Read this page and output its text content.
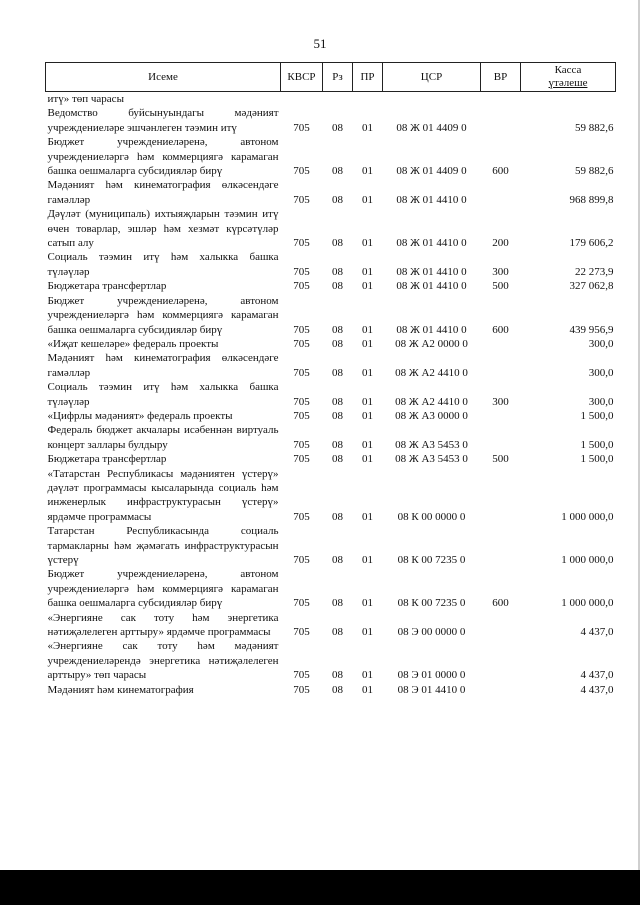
51
Исеме	КВСР	Рз	ПР	ЦСР	ВР	Касса
үтәлеше

итү» төп чарасы						
Ведомство буйсынуындагы мәдәният учреждениеләре эшчәнлеген тәэмин итү	705	08	01	08 Ж 01 4409 0		59 882,6
Бюджет учреждениеләренә, автоном учреждениеләргә һәм коммерциягә карамаган башка оешмаларга субсидияләр бирү	705	08	01	08 Ж 01 4409 0	600	59 882,6
Мәдәният һәм кинематография өлкәсендәге гамәлләр	705	08	01	08 Ж 01 4410 0		968 899,8
Дәүләт (муниципаль) ихтыяҗларын тәэмин итү өчен товарлар, эшләр һәм хезмәт күрсәтүләр сатып алу	705	08	01	08 Ж 01 4410 0	200	179 606,2
Социаль тәэмин итү һәм халыкка башка түләүләр	705	08	01	08 Ж 01 4410 0	300	22 273,9
Бюджетара трансфертлар	705	08	01	08 Ж 01 4410 0	500	327 062,8
Бюджет учреждениеләренә, автоном учреждениеләргә һәм коммерциягә карамаган башка оешмаларга субсидияләр бирү	705	08	01	08 Ж 01 4410 0	600	439 956,9
«Иҗат кешеләре» федераль проекты	705	08	01	08 Ж А2 0000 0		300,0
Мәдәният һәм кинематография өлкәсендәге гамәлләр	705	08	01	08 Ж А2 4410 0		300,0
Социаль тәэмин итү һәм халыкка башка түләүләр	705	08	01	08 Ж А2 4410 0	300	300,0
«Цифрлы мәдәният» федераль проекты	705	08	01	08 Ж А3 0000 0		1 500,0
Федераль бюджет акчалары исәбеннән виртуаль концерт заллары булдыру	705	08	01	08 Ж А3 5453 0		1 500,0
Бюджетара трансфертлар	705	08	01	08 Ж А3 5453 0	500	1 500,0
«Татарстан Республикасы мәдәниятен үстерү» дәүләт программасы кысаларында социаль һәм инженерлык инфраструктурасын үстерү» ярдәмче программасы	705	08	01	08 К 00 0000 0		1 000 000,0
Татарстан Республикасында социаль тармакларны һәм җәмәгать инфраструктурасын үстерү	705	08	01	08 К 00 7235 0		1 000 000,0
Бюджет учреждениеләренә, автоном учреждениеләргә һәм коммерциягә карамаган башка оешмаларга субсидияләр бирү	705	08	01	08 К 00 7235 0	600	1 000 000,0
«Энергияне сак тоту һәм энергетика нәтиҗәлелеген арттыру» ярдәмче программасы	705	08	01	08 Э 00 0000 0		4 437,0
«Энергияне сак тоту һәм мәдәният учреждениеләрендә энергетика нәтиҗәлелеген арттыру» төп чарасы	705	08	01	08 Э 01 0000 0		4 437,0
Мәдәният һәм кинематография	705	08	01	08 Э 01 4410 0		4 437,0
